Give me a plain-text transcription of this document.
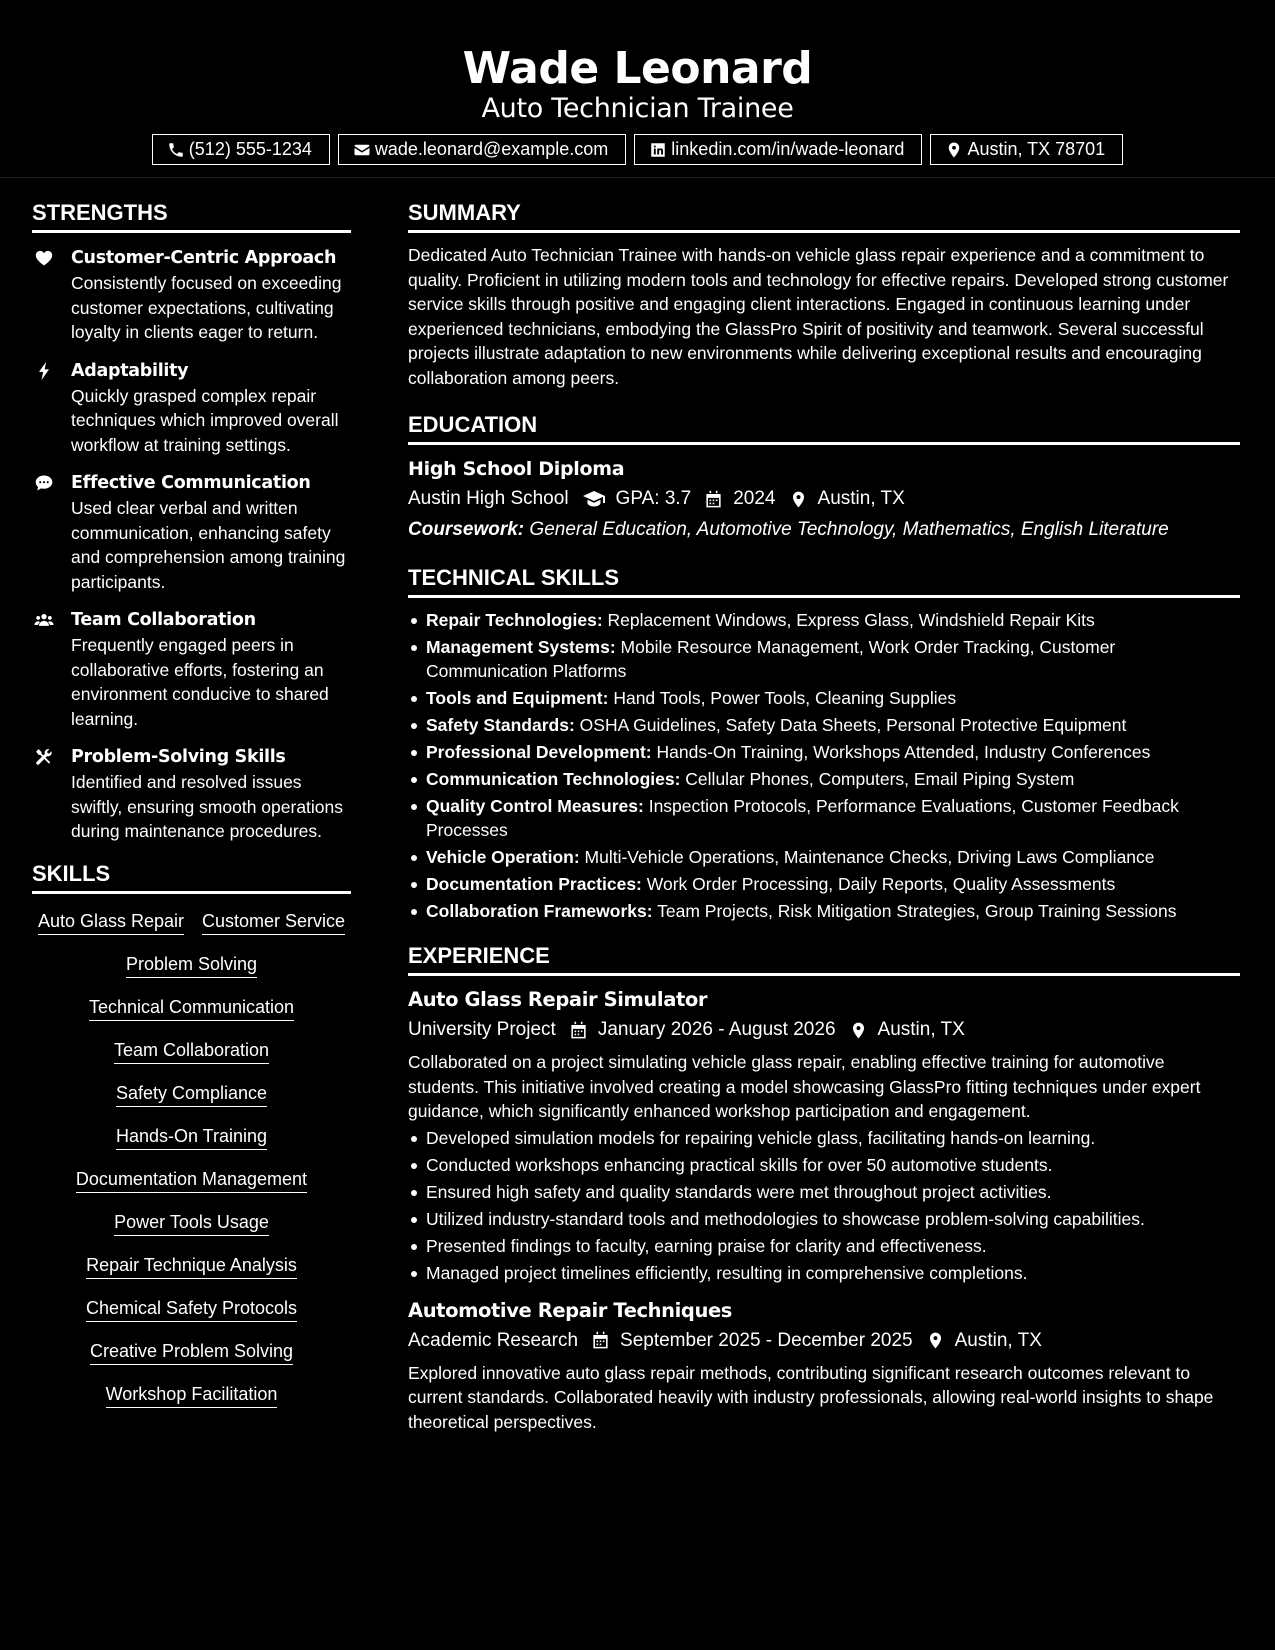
Wade Leonard
Auto Technician Trainee
(512) 555-1234	wade.leonard@example.com	linkedin.com/in/wade-leonard	Austin, TX 78701
STRENGTHS
Customer-Centric Approach
Consistently focused on exceeding customer expectations, cultivating loyalty in clients eager to return.
Adaptability
Quickly grasped complex repair techniques which improved overall workflow at training settings.
Effective Communication
Used clear verbal and written communication, enhancing safety and comprehension among training participants.
Team Collaboration
Frequently engaged peers in collaborative efforts, fostering an environment conducive to shared learning.
Problem-Solving Skills
Identified and resolved issues swiftly, ensuring smooth operations during maintenance procedures.
SKILLS
Auto Glass Repair Customer Service
Problem Solving
Technical Communication
Team Collaboration
Safety Compliance
Hands-On Training
Documentation Management
Power Tools Usage
Repair Technique Analysis
Chemical Safety Protocols
Creative Problem Solving
Workshop Facilitation
SUMMARY
Dedicated Auto Technician Trainee with hands-on vehicle glass repair experience and a commitment to quality. Proficient in utilizing modern tools and technology for effective repairs. Developed strong customer service skills through positive and engaging client interactions. Engaged in continuous learning under experienced technicians, embodying the GlassPro Spirit of positivity and teamwork. Several successful projects illustrate adaptation to new environments while delivering exceptional results and encouraging collaboration among peers.
EDUCATION
High School Diploma
Austin High School GPA: 3.7 2024 Austin, TX
Coursework: General Education, Automotive Technology, Mathematics, English Literature
TECHNICAL SKILLS
Repair Technologies: Replacement Windows, Express Glass, Windshield Repair Kits
Management Systems: Mobile Resource Management, Work Order Tracking, Customer Communication Platforms
Tools and Equipment: Hand Tools, Power Tools, Cleaning Supplies
Safety Standards: OSHA Guidelines, Safety Data Sheets, Personal Protective Equipment
Professional Development: Hands-On Training, Workshops Attended, Industry Conferences
Communication Technologies: Cellular Phones, Computers, Email Piping System
Quality Control Measures: Inspection Protocols, Performance Evaluations, Customer Feedback Processes
Vehicle Operation: Multi-Vehicle Operations, Maintenance Checks, Driving Laws Compliance
Documentation Practices: Work Order Processing, Daily Reports, Quality Assessments
Collaboration Frameworks: Team Projects, Risk Mitigation Strategies, Group Training Sessions
EXPERIENCE
Auto Glass Repair Simulator
University Project January 2026 - August 2026 Austin, TX
Collaborated on a project simulating vehicle glass repair, enabling effective training for automotive students. This initiative involved creating a model showcasing GlassPro fitting techniques under expert guidance, which significantly enhanced workshop participation and engagement.
Developed simulation models for repairing vehicle glass, facilitating hands-on learning.
Conducted workshops enhancing practical skills for over 50 automotive students.
Ensured high safety and quality standards were met throughout project activities.
Utilized industry-standard tools and methodologies to showcase problem-solving capabilities.
Presented findings to faculty, earning praise for clarity and effectiveness.
Managed project timelines efficiently, resulting in comprehensive completions.
Automotive Repair Techniques
Academic Research September 2025 - December 2025 Austin, TX
Explored innovative auto glass repair methods, contributing significant research outcomes relevant to current standards. Collaborated heavily with industry professionals, allowing real-world insights to shape theoretical perspectives.
